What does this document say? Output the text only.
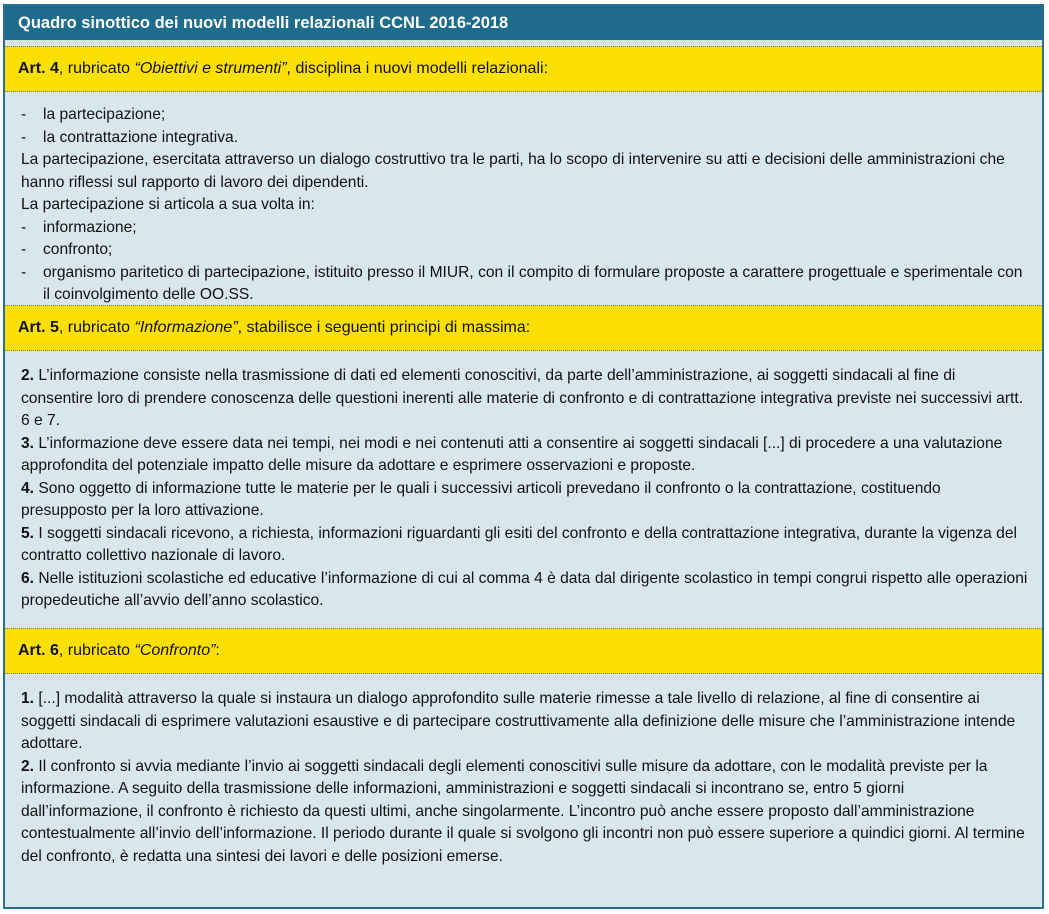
Quadro sinottico dei nuovi modelli relazionali CCNL 2016-2018
Art. 4, rubricato “Obiettivi e strumenti”, disciplina i nuovi modelli relazionali:
-	la partecipazione;
-	la contrattazione integrativa.
La partecipazione, esercitata attraverso un dialogo costruttivo tra le parti, ha lo scopo di intervenire su atti e decisioni delle amministrazioni che hanno riflessi sul rapporto di lavoro dei dipendenti.
La partecipazione si articola a sua volta in:
-	informazione;
-	confronto;
-	organismo paritetico di partecipazione, istituito presso il MIUR, con il compito di formulare proposte a carattere progettuale e sperimentale con il coinvolgimento delle OO.SS.
Art. 5, rubricato “Informazione”, stabilisce i seguenti principi di massima:
2. L’informazione consiste nella trasmissione di dati ed elementi conoscitivi, da parte dell’amministrazione, ai soggetti sindacali al fine di consentire loro di prendere conoscenza delle questioni inerenti alle materie di confronto e di contrattazione integrativa previste nei successivi artt. 6 e 7.
3. L’informazione deve essere data nei tempi, nei modi e nei contenuti atti a consentire ai soggetti sindacali [...] di procedere a una valutazione approfondita del potenziale impatto delle misure da adottare e esprimere osservazioni e proposte.
4. Sono oggetto di informazione tutte le materie per le quali i successivi articoli prevedano il confronto o la contrattazione, costituendo presupposto per la loro attivazione.
5. I soggetti sindacali ricevono, a richiesta, informazioni riguardanti gli esiti del confronto e della contrattazione integrativa, durante la vigenza del contratto collettivo nazionale di lavoro.
6. Nelle istituzioni scolastiche ed educative l’informazione di cui al comma 4 è data dal dirigente scolastico in tempi congrui rispetto alle operazioni propedeutiche all’avvio dell’anno scolastico.
Art. 6, rubricato “Confronto”:
1. [...] modalità attraverso la quale si instaura un dialogo approfondito sulle materie rimesse a tale livello di relazione, al fine di consentire ai soggetti sindacali di esprimere valutazioni esaustive e di partecipare costruttivamente alla definizione delle misure che l’amministrazione intende adottare.
2. Il confronto si avvia mediante l’invio ai soggetti sindacali degli elementi conoscitivi sulle misure da adottare, con le modalità previste per la informazione. A seguito della trasmissione delle informazioni, amministrazioni e soggetti sindacali si incontrano se, entro 5 giorni dall’informazione, il confronto è richiesto da questi ultimi, anche singolarmente. L’incontro può anche essere proposto dall’amministrazione contestualmente all’invio dell’informazione. Il periodo durante il quale si svolgono gli incontri non può essere superiore a quindici giorni. Al termine del confronto, è redatta una sintesi dei lavori e delle posizioni emerse.
